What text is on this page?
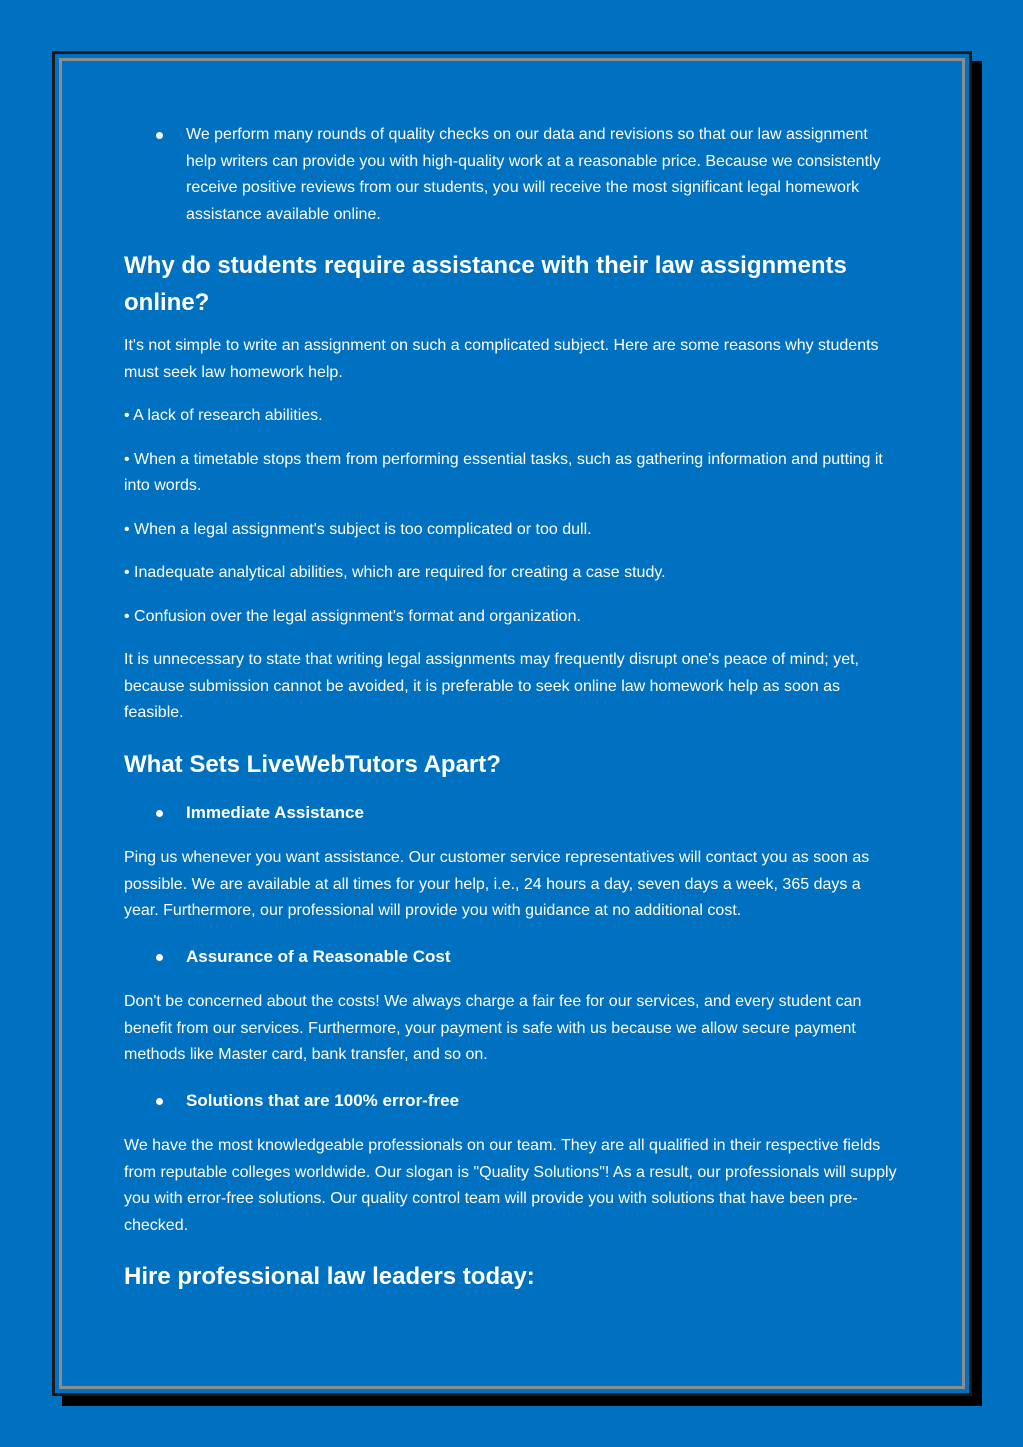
We perform many rounds of quality checks on our data and revisions so that our law assignment help writers can provide you with high-quality work at a reasonable price. Because we consistently receive positive reviews from our students, you will receive the most significant legal homework assistance available online.

Why do students require assistance with their law assignments online?

It's not simple to write an assignment on such a complicated subject. Here are some reasons why students must seek law homework help.

• A lack of research abilities.

• When a timetable stops them from performing essential tasks, such as gathering information and putting it into words.

• When a legal assignment's subject is too complicated or too dull.

• Inadequate analytical abilities, which are required for creating a case study.

• Confusion over the legal assignment's format and organization.

It is unnecessary to state that writing legal assignments may frequently disrupt one's peace of mind; yet, because submission cannot be avoided, it is preferable to seek online law homework help as soon as feasible.

What Sets LiveWebTutors Apart?

Immediate Assistance

Ping us whenever you want assistance. Our customer service representatives will contact you as soon as possible. We are available at all times for your help, i.e., 24 hours a day, seven days a week, 365 days a year. Furthermore, our professional will provide you with guidance at no additional cost.

Assurance of a Reasonable Cost

Don't be concerned about the costs! We always charge a fair fee for our services, and every student can benefit from our services. Furthermore, your payment is safe with us because we allow secure payment methods like Master card, bank transfer, and so on.

Solutions that are 100% error-free

We have the most knowledgeable professionals on our team. They are all qualified in their respective fields from reputable colleges worldwide. Our slogan is "Quality Solutions"! As a result, our professionals will supply you with error-free solutions. Our quality control team will provide you with solutions that have been pre-checked.

Hire professional law leaders today:
